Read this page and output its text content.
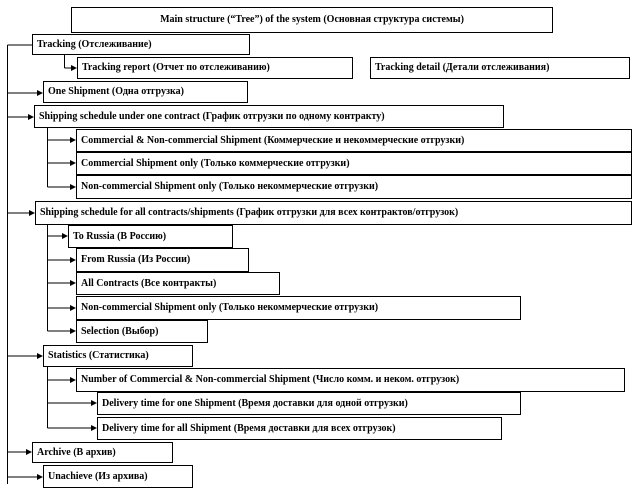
Main structure (“Tree”) of the system (Основная структура системы)
Tracking (Отслеживание)
Tracking report (Отчет по отслеживанию)	Tracking detail (Детали отслеживания)
One Shipment (Одна отгрузка)
Shipping schedule under one contract (График отгрузки по одному контракту)
Commercial & Non-commercial Shipment (Коммерческие и некоммерческие отгрузки)
Commercial Shipment only (Только коммерческие отгрузки)
Non-commercial Shipment only (Только некоммерческие отгрузки)
Shipping schedule for all contracts/shipments (График отгрузки для всех контрактов/отгрузок)
To Russia (В Россию)
From Russia (Из России)
All Contracts (Все контракты)
Non-commercial Shipment only (Только некоммерческие отгрузки)
Selection (Выбор)
Statistics (Статистика)
Number of Commercial & Non-commercial Shipment (Число комм. и неком. отгрузок)
Delivery time for one Shipment (Время доставки для одной отгрузки)
Delivery time for all Shipment (Время доставки для всех отгрузок)
Archive (В архив)
Unachieve (Из архива)
